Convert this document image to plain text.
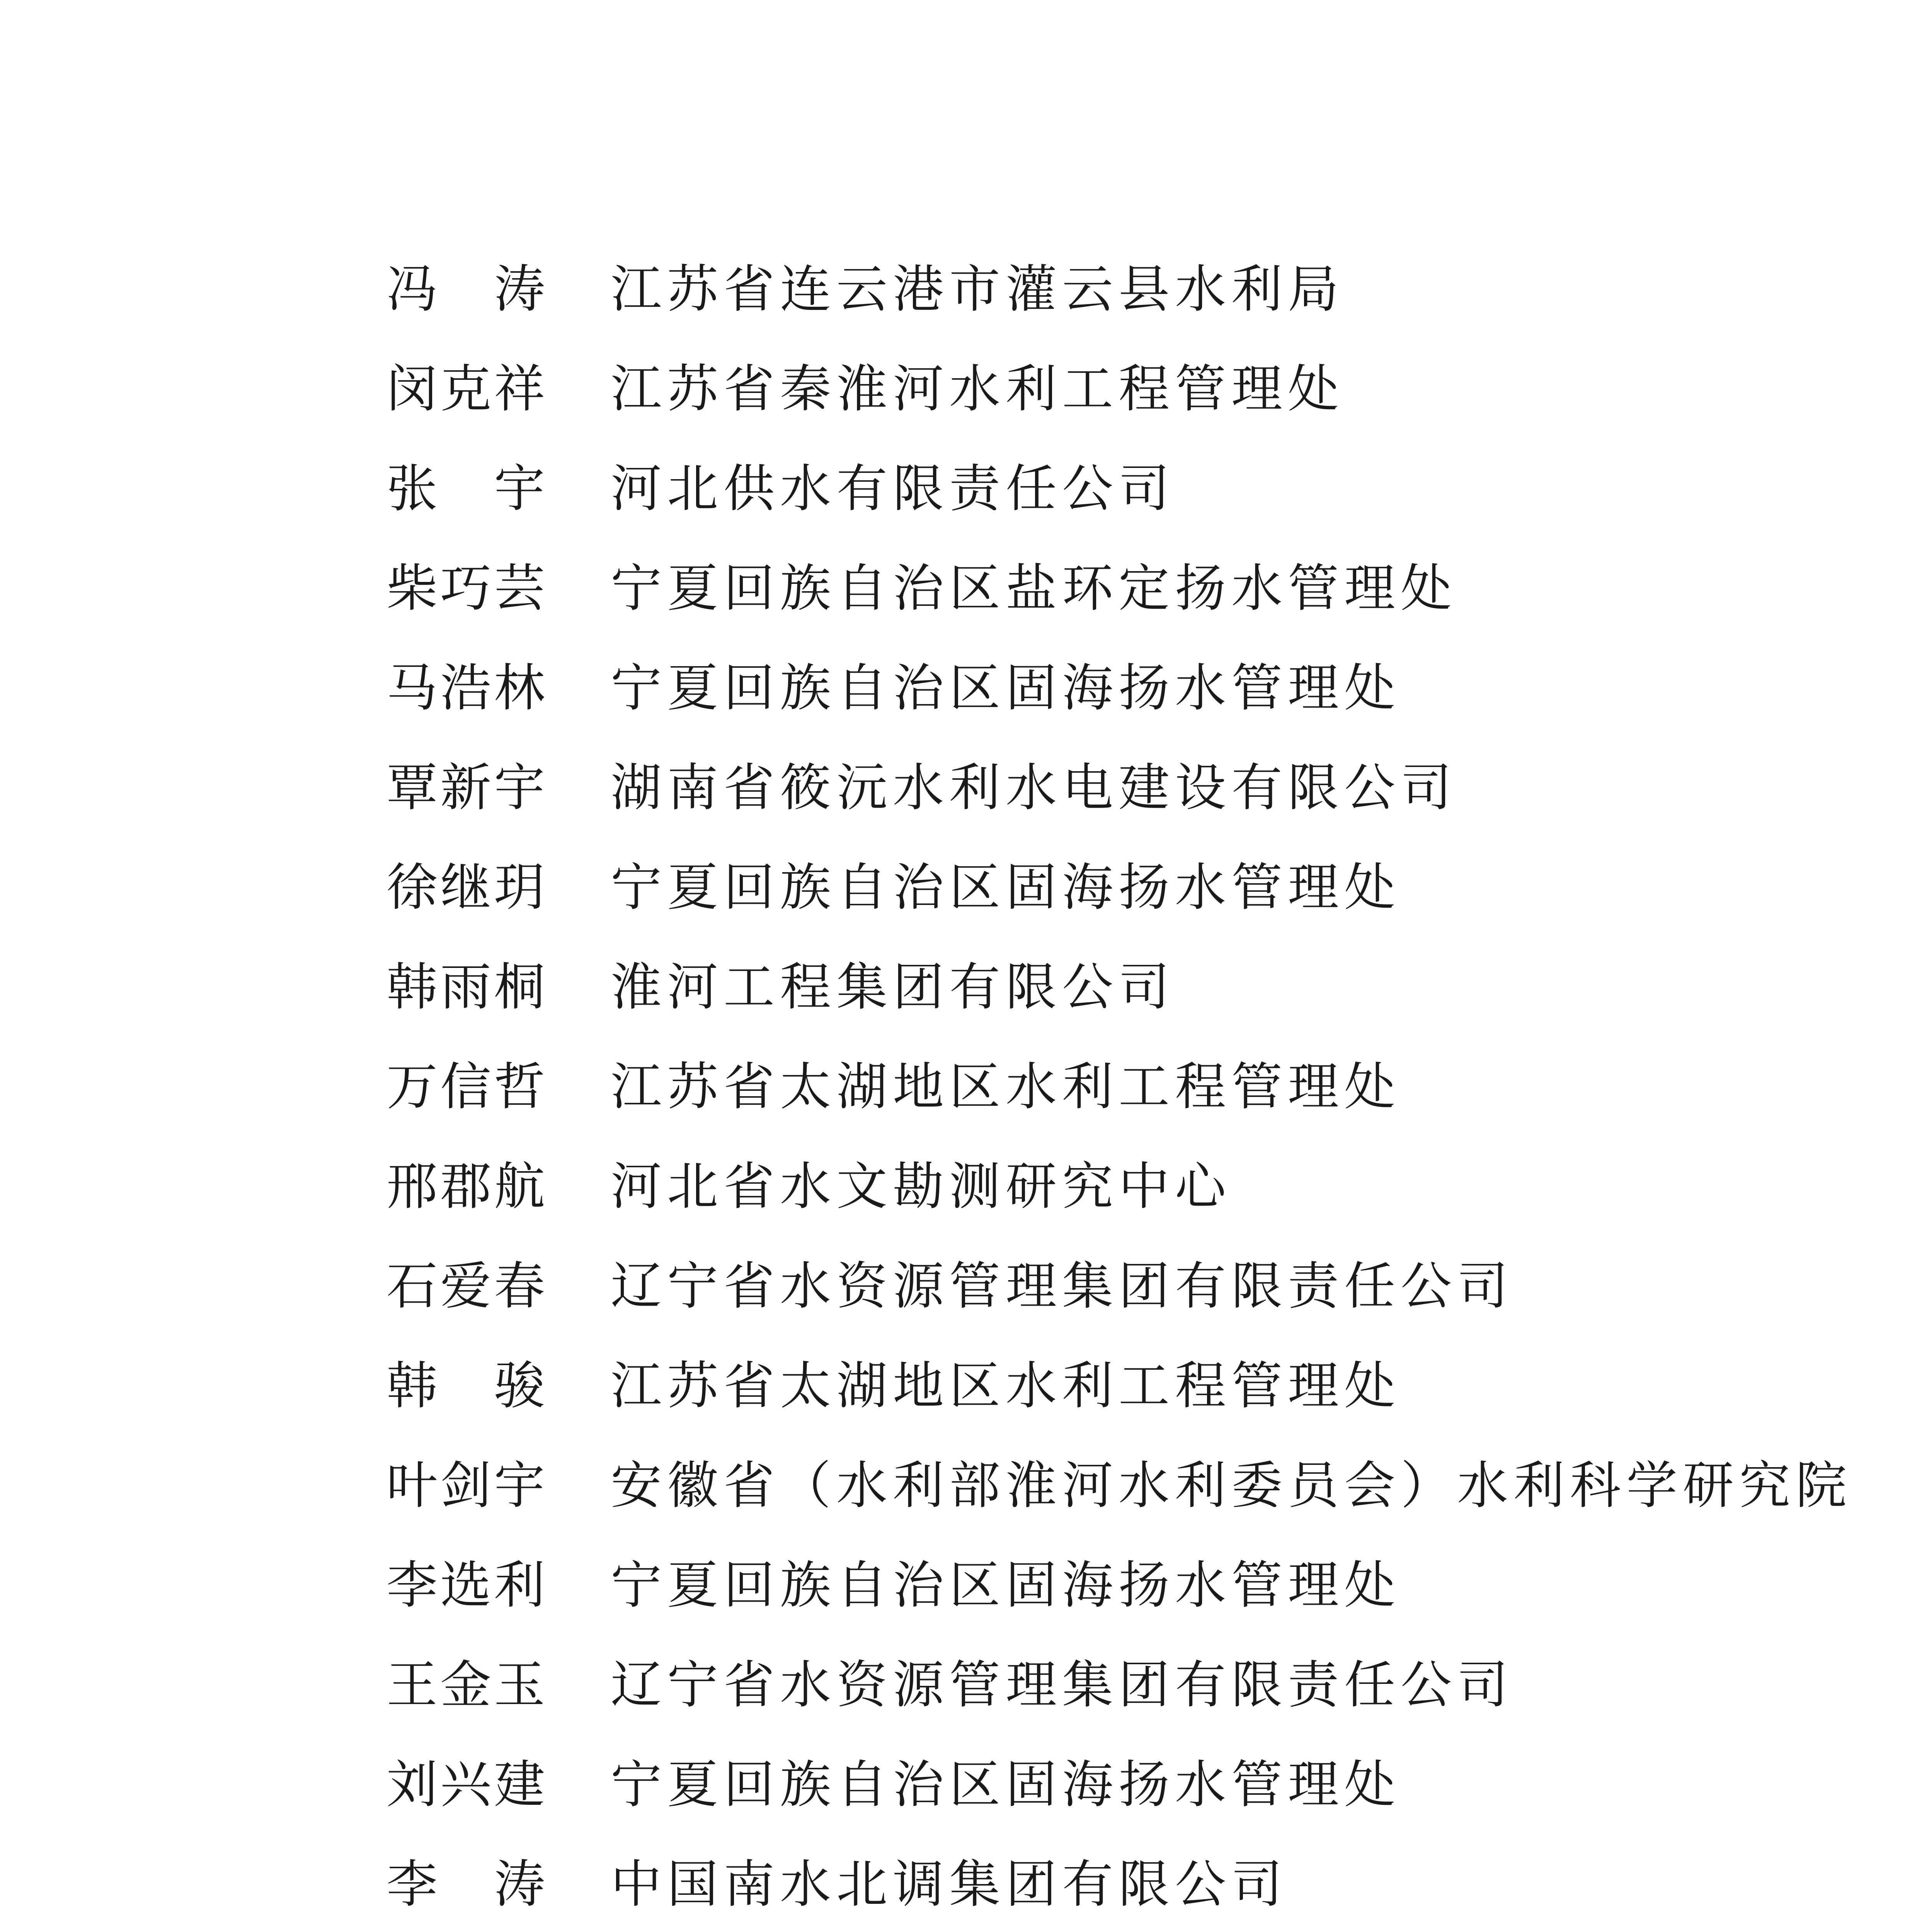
冯 涛 江苏省连云港市灌云县水利局
闵 克 祥 江苏省秦淮河水利工程管理处
张 宇 河北供水有限责任公司
柴 巧 芸 宁夏回族自治区盐环定扬水管理处
马 浩 林 宁夏回族自治区固海扬水管理处
覃 新 宇 湖南省筱沅水利水电建设有限公司
徐 继 玥 宁夏回族自治区固海扬水管理处
韩 雨 桐 淮河工程集团有限公司
万 信 哲 江苏省太湖地区水利工程管理处
邢 郡 航 河北省水文勘测研究中心
石 爱 春 辽宁省水资源管理集团有限责任公司
韩 骏 江苏省太湖地区水利工程管理处
叶 剑 宇 安徽省（水利部淮河水利委员会）水利科学研究院
李 选 利 宁夏回族自治区固海扬水管理处
王 金 玉 辽宁省水资源管理集团有限责任公司
刘 兴 建 宁夏回族自治区固海扬水管理处
李 涛 中国南水北调集团有限公司
